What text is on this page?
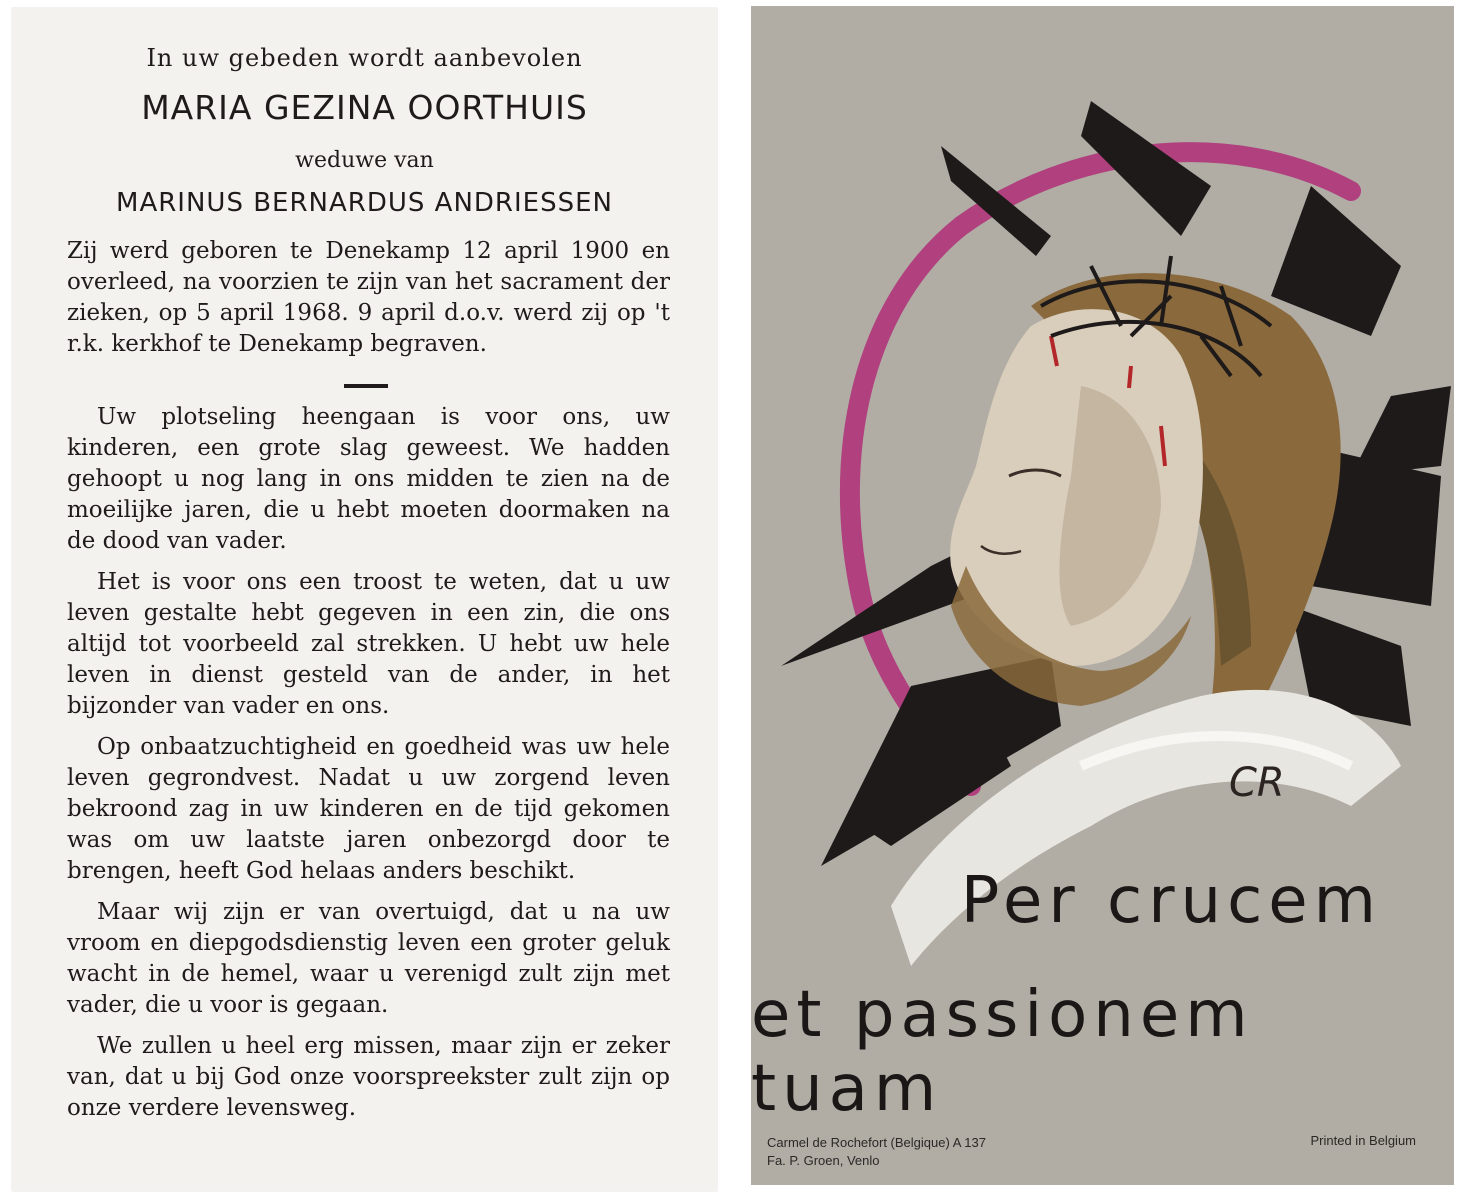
In uw gebeden wordt aanbevolen
MARIA GEZINA OORTHUIS
weduwe van
MARINUS BERNARDUS ANDRIESSEN

Zij werd geboren te Denekamp 12 april 1900 en overleed, na voorzien te zijn van het sacrament der zieken, op 5 april 1968. 9 april d.o.v. werd zij op 't r.k. kerkhof te Denekamp begraven.

Uw plotseling heengaan is voor ons, uw kinderen, een grote slag geweest. We hadden gehoopt u nog lang in ons midden te zien na de moeilijke jaren, die u hebt moeten doormaken na de dood van vader.

Het is voor ons een troost te weten, dat u uw leven gestalte hebt gegeven in een zin, die ons altijd tot voorbeeld zal strekken. U hebt uw hele leven in dienst gesteld van de ander, in het bijzonder van vader en ons.

Op onbaatzuchtigheid en goedheid was uw hele leven gegrondvest. Nadat u uw zorgend leven bekroond zag in uw kinderen en de tijd gekomen was om uw laatste jaren onbezorgd door te brengen, heeft God helaas anders beschikt.

Maar wij zijn er van overtuigd, dat u na uw vroom en diepgodsdienstig leven een groter geluk wacht in de hemel, waar u verenigd zult zijn met vader, die u voor is gegaan.

We zullen u heel erg missen, maar zijn er zeker van, dat u bij God onze voorspreekster zult zijn op onze verdere levensweg.

CR
Per crucem
et passionem tuam
Carmel de Rochefort (Belgique) A 137
Fa. P. Groen, Venlo
Printed in Belgium
